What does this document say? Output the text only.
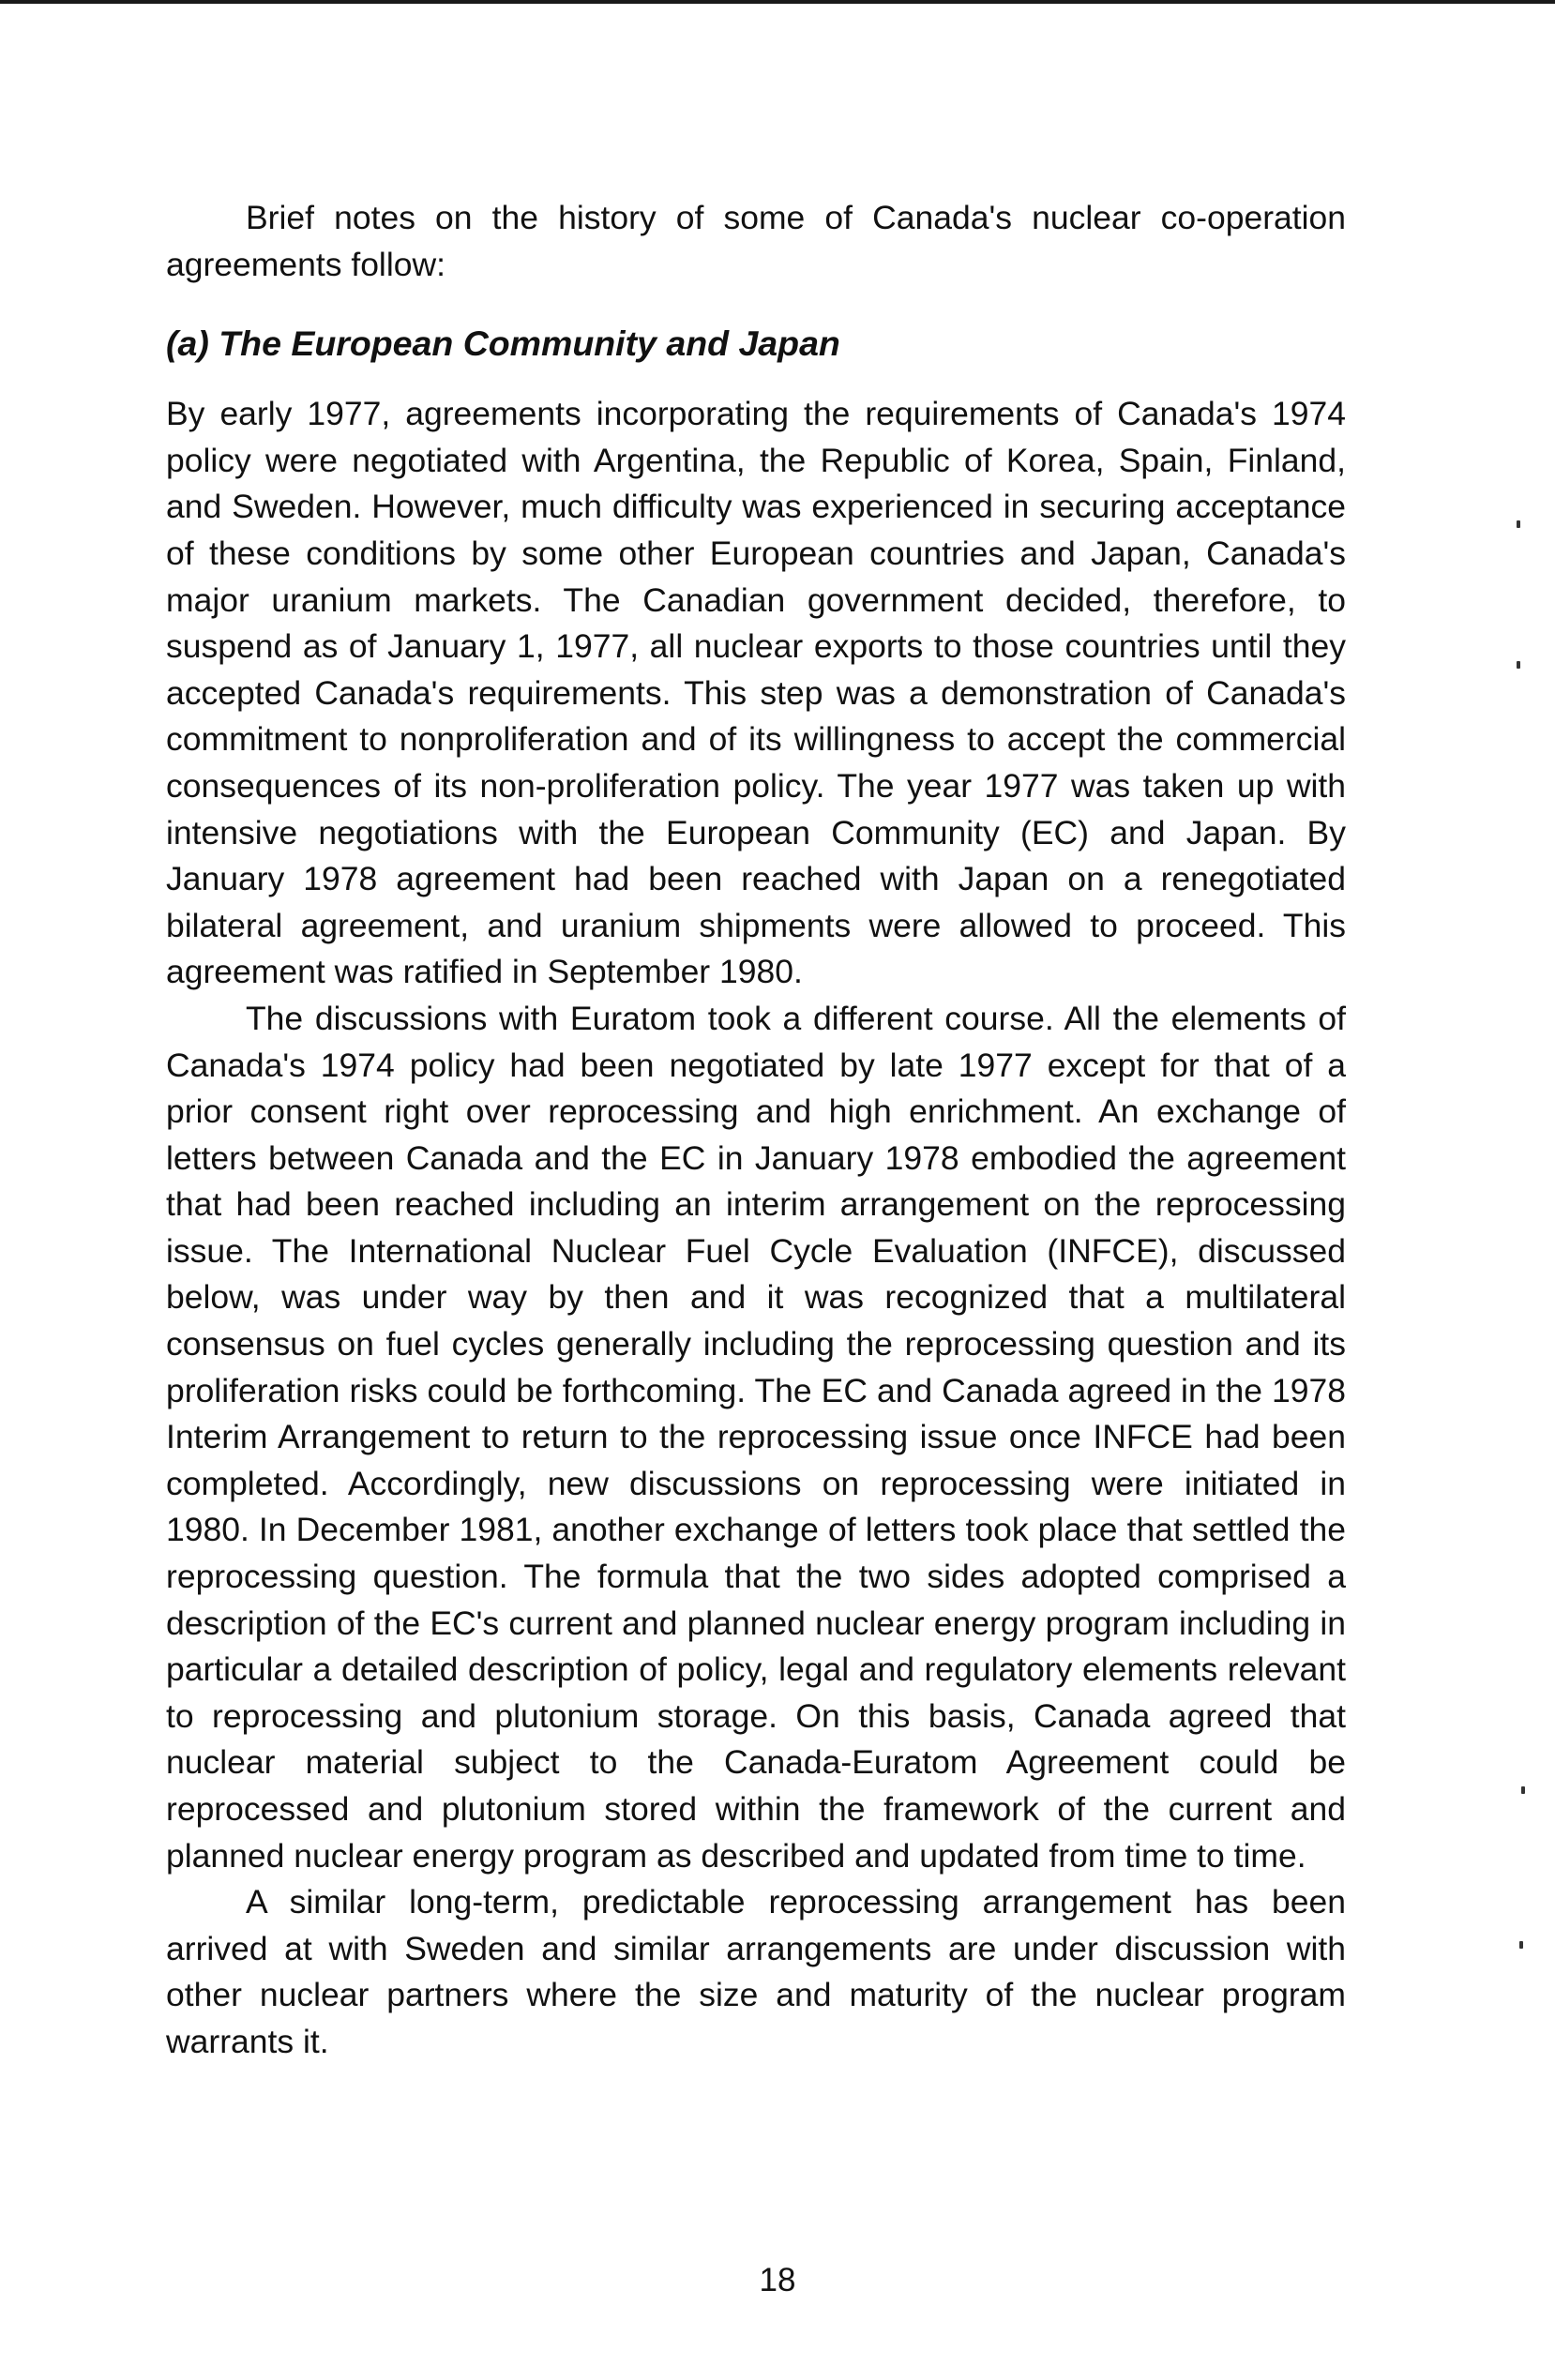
Brief notes on the history of some of Canada's nuclear co-operation agreements follow:

(a) The European Community and Japan

By early 1977, agreements incorporating the requirements of Canada's 1974 policy were negotiated with Argentina, the Republic of Korea, Spain, Finland, and Sweden. However, much difficulty was experienced in securing acceptance of these conditions by some other European countries and Japan, Canada's major uranium markets. The Canadian government decided, therefore, to suspend as of January 1, 1977, all nuclear exports to those countries until they accepted Canada's requirements. This step was a demonstration of Canada's commitment to nonproliferation and of its willingness to accept the commercial consequences of its non-proliferation policy. The year 1977 was taken up with intensive negotiations with the European Community (EC) and Japan. By January 1978 agreement had been reached with Japan on a renegotiated bilateral agreement, and uranium shipments were allowed to proceed. This agreement was ratified in September 1980.

The discussions with Euratom took a different course. All the elements of Canada's 1974 policy had been negotiated by late 1977 except for that of a prior consent right over reprocessing and high enrichment. An exchange of letters between Canada and the EC in January 1978 embodied the agreement that had been reached including an interim arrangement on the reprocessing issue. The International Nuclear Fuel Cycle Evaluation (INFCE), discussed below, was under way by then and it was recognized that a multilateral consensus on fuel cycles generally including the reprocessing question and its proliferation risks could be forthcoming. The EC and Canada agreed in the 1978 Interim Arrangement to return to the reprocessing issue once INFCE had been completed. Accordingly, new discussions on reprocessing were initiated in 1980. In December 1981, another exchange of letters took place that settled the reprocessing question. The formula that the two sides adopted comprised a description of the EC's current and planned nuclear energy program including in particular a detailed description of policy, legal and regulatory elements relevant to reprocessing and plutonium storage. On this basis, Canada agreed that nuclear material subject to the Canada-Euratom Agreement could be reprocessed and plutonium stored within the framework of the current and planned nuclear energy program as described and updated from time to time.

A similar long-term, predictable reprocessing arrangement has been arrived at with Sweden and similar arrangements are under discussion with other nuclear partners where the size and maturity of the nuclear program warrants it.

18
